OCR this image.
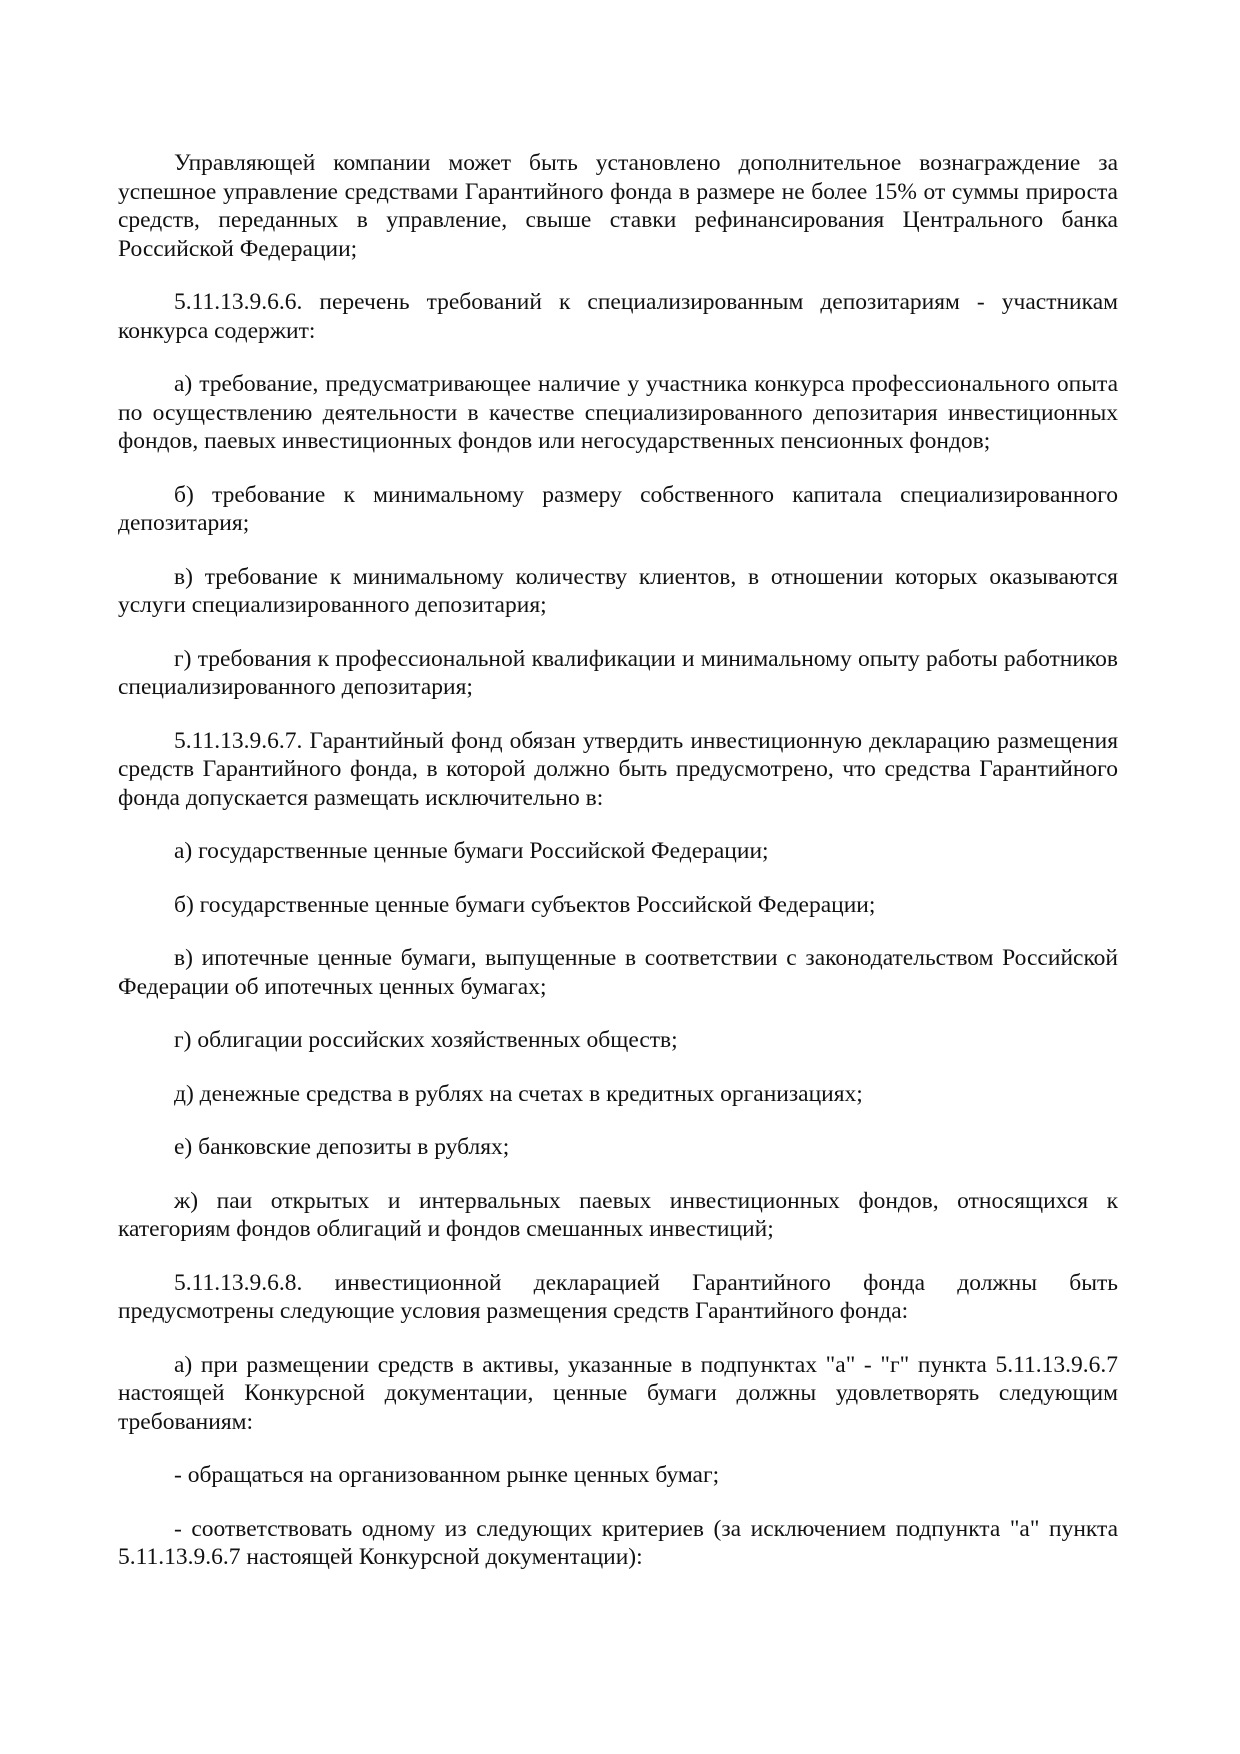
Управляющей компании может быть установлено дополнительное вознаграждение за успешное управление средствами Гарантийного фонда в размере не более 15% от суммы прироста средств, переданных в управление, свыше ставки рефинансирования Центрального банка Российской Федерации;

5.11.13.9.6.6. перечень требований к специализированным депозитариям - участникам конкурса содержит:

а) требование, предусматривающее наличие у участника конкурса профессионального опыта по осуществлению деятельности в качестве специализированного депозитария инвестиционных фондов, паевых инвестиционных фондов или негосударственных пенсионных фондов;

б) требование к минимальному размеру собственного капитала специализированного депозитария;

в) требование к минимальному количеству клиентов, в отношении которых оказываются услуги специализированного депозитария;

г) требования к профессиональной квалификации и минимальному опыту работы работников специализированного депозитария;

5.11.13.9.6.7. Гарантийный фонд обязан утвердить инвестиционную декларацию размещения средств Гарантийного фонда, в которой должно быть предусмотрено, что средства Гарантийного фонда допускается размещать исключительно в:

а) государственные ценные бумаги Российской Федерации;

б) государственные ценные бумаги субъектов Российской Федерации;

в) ипотечные ценные бумаги, выпущенные в соответствии с законодательством Российской Федерации об ипотечных ценных бумагах;

г) облигации российских хозяйственных обществ;

д) денежные средства в рублях на счетах в кредитных организациях;

е) банковские депозиты в рублях;

ж) паи открытых и интервальных паевых инвестиционных фондов, относящихся к категориям фондов облигаций и фондов смешанных инвестиций;

5.11.13.9.6.8. инвестиционной декларацией Гарантийного фонда должны быть предусмотрены следующие условия размещения средств Гарантийного фонда:

а) при размещении средств в активы, указанные в подпунктах "а" - "г" пункта 5.11.13.9.6.7 настоящей Конкурсной документации, ценные бумаги должны удовлетворять следующим требованиям:

- обращаться на организованном рынке ценных бумаг;

- соответствовать одному из следующих критериев (за исключением подпункта "а" пункта 5.11.13.9.6.7 настоящей Конкурсной документации):
